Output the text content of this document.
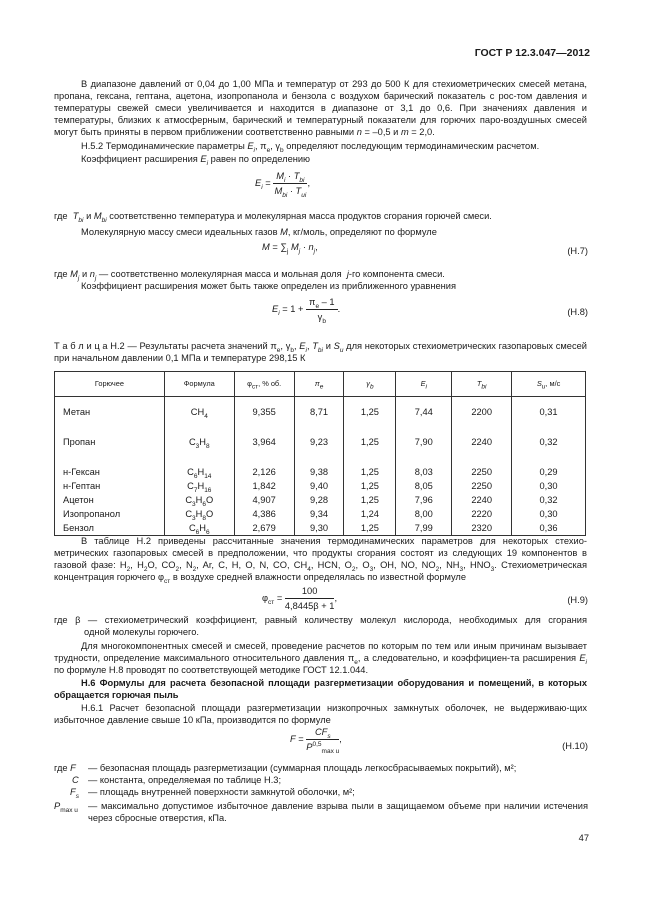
ГОСТ Р 12.3.047—2012
В диапазоне давлений от 0,04 до 1,00 МПа и температур от 293 до 500 К для стехиометрических смесей метана, пропана, гексана, гептана, ацетона, изопропанола и бензола с воздухом барический показатель с рос-том давления и температуры свежей смеси увеличивается и находится в диапазоне от 3,1 до 0,6. При значениях давления и температуры, близких к атмосферным, барический и температурный показатели для горючих паро-воздушных смесей могут быть приняты в первом приближении соответственно равными n = –0,5 и m = 2,0.
Н.5.2 Термодинамические параметры $E_i$, $\pi_e$, $\gamma_b$ определяют последующим термодинамическим расчетом.
Коэффициент расширения $E_i$ равен по определению
$E_i = \frac{M_i \cdot T_{bi}}{M_{bi} \cdot T_{ui}}$ ,
где  $T_{bi}$ и $M_{bi}$ соответственно температура и молекулярная масса продуктов сгорания горючей смеси.
Молекулярную массу смеси идеальных газов M, кг/моль, определяют по формуле
$M = \sum_j$ $M_j \cdot n_j$,	(Н.7)
где $M_j$ и $n_j$ — соответственно молекулярная масса и мольная доля  j-го компонента смеси.
Коэффициент расширения может быть также определен из приближенного уравнения
$E_i = 1 + \frac{\pi_e - 1}{\gamma_b}$ .	(Н.8)
Т а б л и ц а Н.2 — Результаты расчета значений $\pi_e$, $\gamma_b$, $E_i$, $T_{bi}$ и $S_u$ для некоторых стехиометрических газопаровых смесей при начальном давлении 0,1 МПа и температуре 298,15 К
Горючее	Формула	$\varphi_{ст}$, % об.	$\pi_e$	$\gamma_b$	$E_i$	$T_{bi}$	$S_u$, м/с

Метан	$CH_4$	9,355	8,71	1,25	7,44	2200	0,31

Пропан	$C_3H_8$	3,964	9,23	1,25	7,90	2240	0,32

н-Гексан	$C_6H_{14}$	2,126	9,38	1,25	8,03	2250	0,29
н-Гептан	$C_7H_{16}$	1,842	9,40	1,25	8,05	2250	0,30
Ацетон	$C_3H_6O$	4,907	9,28	1,25	7,96	2240	0,32
Изопропанол	$C_3H_8O$	4,386	9,34	1,24	8,00	2220	0,30
Бензол	$C_6H_6$	2,679	9,30	1,25	7,99	2320	0,36
В таблице Н.2 приведены рассчитанные значения термодинамических параметров для некоторых стехио-метрических газопаровых смесей в предположении, что продукты сгорания состоят из следующих 19 компонентов в газовой фазе: $H_2$, $H_2O$, $CO_2$, $N_2$, Ar, C, H, O, N, CO, $CH_4$, HCN, $O_2$, $O_3$, OH, NO, $NO_2$, $NH_3$, $HNO_3$. Стехиометрическая концентрация горючего $\varphi_{ст}$ в воздухе средней влажности определялась по известной формуле
$\varphi_{ст} = \frac{100}{4,8445\beta + 1}$ ,	(Н.9)
где β — стехиометрический коэффициент, равный количеству молекул кислорода, необходимых для сгорания одной молекулы горючего.
Для многокомпонентных смесей и смесей, проведение расчетов по которым по тем или иным причинам вызывает трудности, определение максимального относительного давления $\pi_e$, а следовательно, и коэффициен-та расширения $E_i$ по формуле Н.8 проводят по соответствующей методике ГОСТ 12.1.044.
Н.6 Формулы для расчета безопасной площади разгерметизации оборудования и помещений, в которых обращается горючая пыль
Н.6.1 Расчет безопасной площади разгерметизации низкопрочных замкнутых оболочек, не выдерживаю-щих избыточное давление свыше 10 кПа, производится по формуле
$F = \frac{CF_s}{P^{0,5}_{max u}}$ ,
(Н.10)
где F — безопасная площадь разгерметизации (суммарная площадь легкосбрасываемых покрытий), м²;
C — константа, определяемая по таблице Н.3;
$F_s$ — площадь внутренней поверхности замкнутой оболочки, м²;
$P_{max u}$ — максимально допустимое избыточное давление взрыва пыли в защищаемом объеме при наличии истечения через сбросные отверстия, кПа.
47
